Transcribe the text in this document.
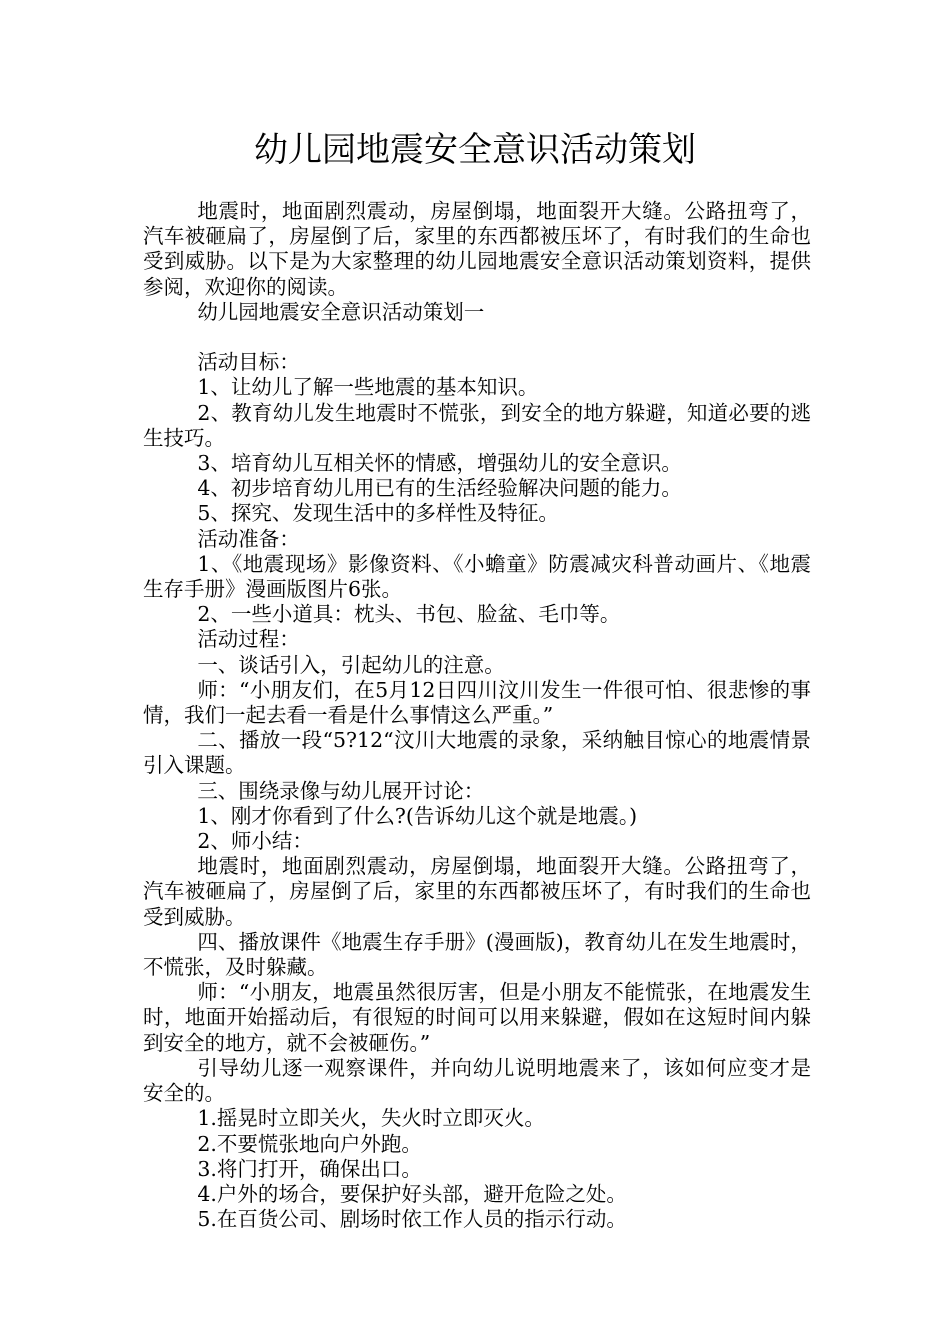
幼儿园地震安全意识活动策划

地震时，地面剧烈震动，房屋倒塌，地面裂开大缝。公路扭弯了，汽车被砸扁了，房屋倒了后，家里的东西都被压坏了，有时我们的生命也受到威胁。以下是为大家整理的幼儿园地震安全意识活动策划资料，提供参阅，欢迎你的阅读。

幼儿园地震安全意识活动策划一

活动目标：

1、让幼儿了解一些地震的基本知识。

2、教育幼儿发生地震时不慌张，到安全的地方躲避，知道必要的逃生技巧。

3、培育幼儿互相关怀的情感，增强幼儿的安全意识。

4、初步培育幼儿用已有的生活经验解决问题的能力。

5、探究、发现生活中的多样性及特征。

活动准备：

1、《地震现场》影像资料、《小蟾童》防震减灾科普动画片、《地震生存手册》漫画版图片6张。

2、一些小道具：枕头、书包、脸盆、毛巾等。

活动过程：

一、谈话引入，引起幼儿的注意。

师：“小朋友们，在5月12日四川汶川发生一件很可怕、很悲惨的事情，我们一起去看一看是什么事情这么严重。”

二、播放一段“5?12“汶川大地震的录象，采纳触目惊心的地震情景引入课题。

三、围绕录像与幼儿展开讨论：

1、刚才你看到了什么?(告诉幼儿这个就是地震。)

2、师小结：

地震时，地面剧烈震动，房屋倒塌，地面裂开大缝。公路扭弯了，汽车被砸扁了，房屋倒了后，家里的东西都被压坏了，有时我们的生命也受到威胁。

四、播放课件《地震生存手册》(漫画版)，教育幼儿在发生地震时，不慌张，及时躲藏。

师：“小朋友，地震虽然很厉害，但是小朋友不能慌张，在地震发生时，地面开始摇动后，有很短的时间可以用来躲避，假如在这短时间内躲到安全的地方，就不会被砸伤。”

引导幼儿逐一观察课件，并向幼儿说明地震来了，该如何应变才是安全的。

1.摇晃时立即关火，失火时立即灭火。

2.不要慌张地向户外跑。

3.将门打开，确保出口。

4.户外的场合，要保护好头部，避开危险之处。

5.在百货公司、剧场时依工作人员的指示行动。
